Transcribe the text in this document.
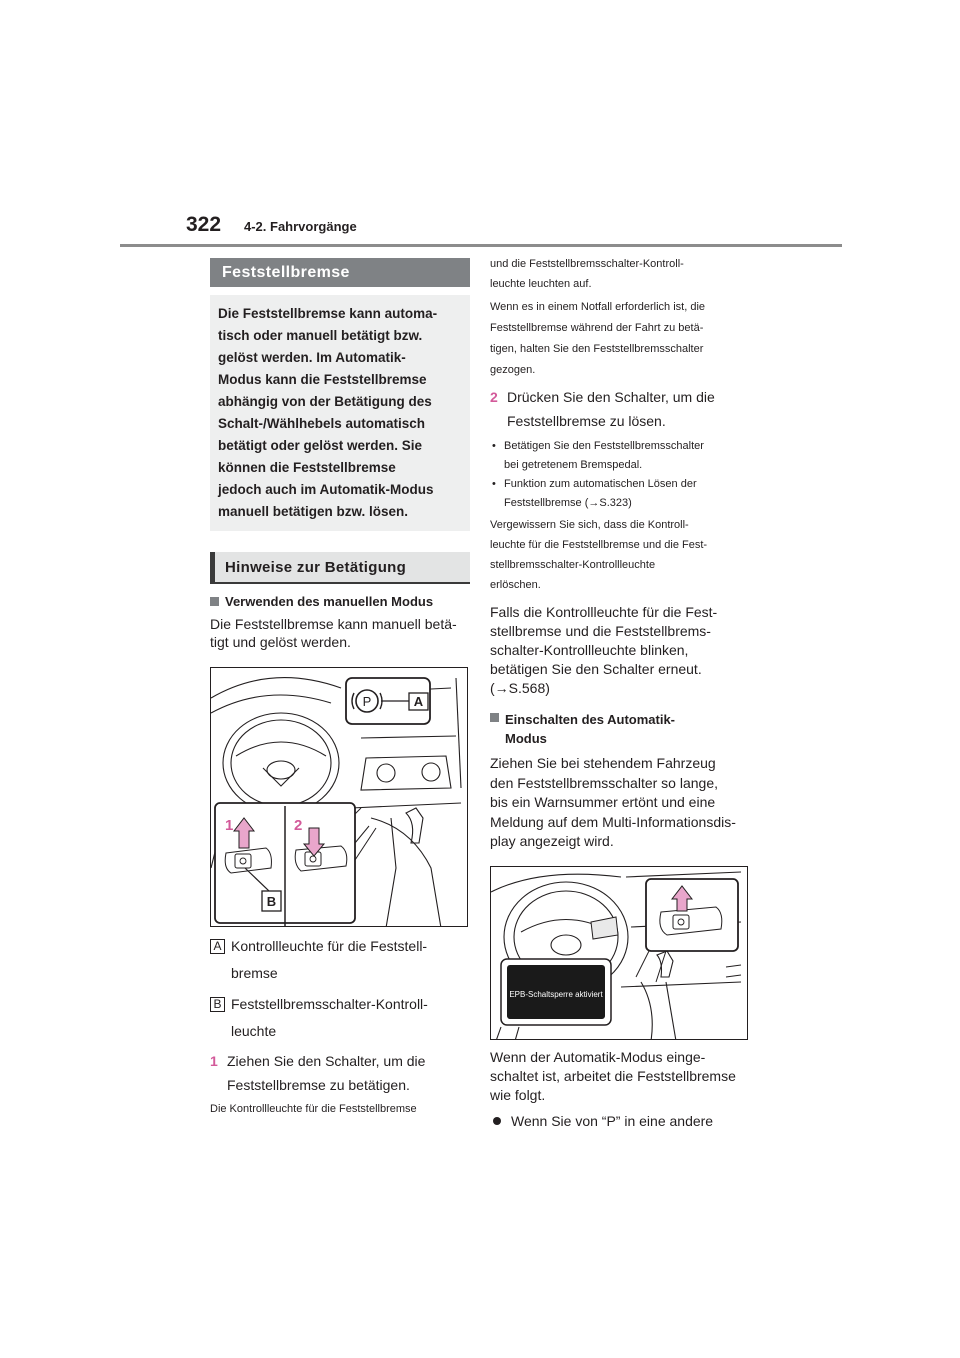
322 4-2. Fahrvorgänge
Feststellbremse

Die Feststellbremse kann automa-

tisch oder manuell betätigt bzw.

gelöst werden. Im Automatik-

Modus kann die Feststellbremse

abhängig von der Betätigung des

Schalt-/Wählhebels automatisch

betätigt oder gelöst werden. Sie

können die Feststellbremse

jedoch auch im Automatik-Modus

manuell betätigen bzw. lösen.

Hinweise zur Betätigung
Verwenden des manuellen Modus
Die Feststellbremse kann manuell betä-
tigt und gelöst werden.
P	A
1	2
B
A Kontrollleuchte für die Feststell-
bremse
B Feststellbremsschalter-Kontroll-
leuchte
1 Ziehen Sie den Schalter, um die
Feststellbremse zu betätigen.
Die Kontrollleuchte für die Feststellbremse
und die Feststellbremsschalter-Kontroll-
leuchte leuchten auf.
Wenn es in einem Notfall erforderlich ist, die
Feststellbremse während der Fahrt zu betä-
tigen, halten Sie den Feststellbremsschalter
gezogen.
2 Drücken Sie den Schalter, um die
Feststellbremse zu lösen.
• Betätigen Sie den Feststellbremsschalter
bei getretenem Bremspedal.
• Funktion zum automatischen Lösen der
Feststellbremse (→S.323)
Vergewissern Sie sich, dass die Kontroll-
leuchte für die Feststellbremse und die Fest-
stellbremsschalter-Kontrollleuchte
erlöschen.
Falls die Kontrollleuchte für die Fest-
stellbremse und die Feststellbrems-
schalter-Kontrollleuchte blinken,
betätigen Sie den Schalter erneut.
(→S.568)
Einschalten des Automatik-
Modus
Ziehen Sie bei stehendem Fahrzeug
den Feststellbremsschalter so lange,
bis ein Warnsummer ertönt und eine
Meldung auf dem Multi-Informationsdis-
play angezeigt wird.
EPB-Schaltsperre aktiviert
Wenn der Automatik-Modus einge-
schaltet ist, arbeitet die Feststellbremse
wie folgt.
Wenn Sie von “P” in eine andere
